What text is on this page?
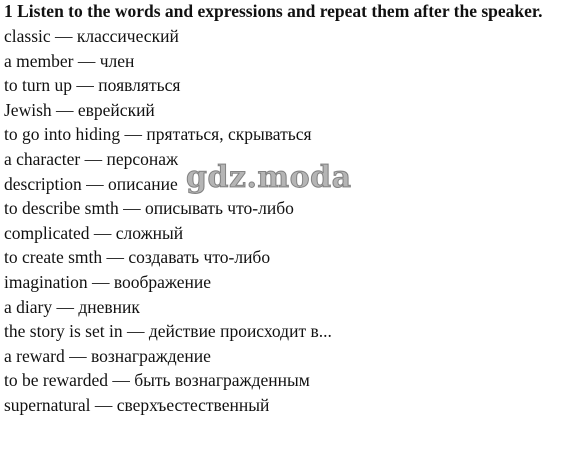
1 Listen to the words and expressions and repeat them after the speaker.

classic — классический
a member — член
to turn up — появляться
Jewish — еврейский
to go into hiding — прятаться, скрываться
a character — персонаж
description — описание
to describe smth — описывать что-либо
complicated — сложный
to create smth — создавать что-либо
imagination — воображение
a diary — дневник
the story is set in — действие происходит в...
a reward — вознаграждение
to be rewarded — быть вознагражденным
supernatural — сверхъестественный
gdz.moda
